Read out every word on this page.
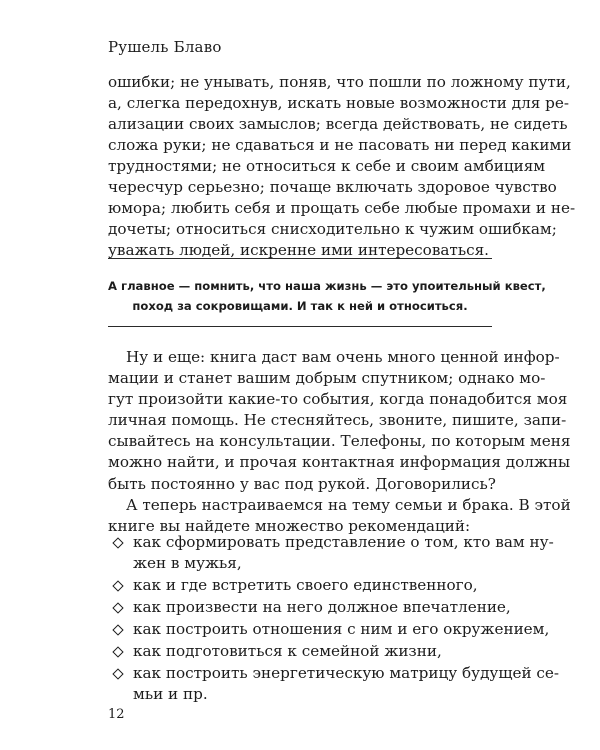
Рушель Блаво

ошибки; не унывать, поняв, что пошли по ложному пути,
а, слегка передохнув, искать новые возможности для ре-
ализации своих замыслов; всегда действовать, не сидеть
сложа руки; не сдаваться и не пасовать ни перед какими
трудностями; не относиться к себе и своим амбициям
чересчур серьезно; почаще включать здоровое чувство
юмора; любить себя и прощать себе любые промахи и не-
дочеты; относиться снисходительно к чужим ошибкам;
уважать людей, искренне ими интересоваться.

А главное — помнить, что наша жизнь — это упоительный квест,
поход за сокровищами. И так к ней и относиться.

Ну и еще: книга даст вам очень много ценной инфор-
мации и станет вашим добрым спутником; однако мо-
гут произойти какие-то события, когда понадобится моя
личная помощь. Не стесняйтесь, звоните, пишите, запи-
сывайтесь на консультации. Телефоны, по которым меня
можно найти, и прочая контактная информация должны
быть постоянно у вас под рукой. Договорились?
А теперь настраиваемся на тему семьи и брака. В этой
книге вы найдете множество рекомендаций:
как сформировать представление о том, кто вам ну-
жен в мужья,
как и где встретить своего единственного,
как произвести на него должное впечатление,
как построить отношения с ним и его окружением,
как подготовиться к семейной жизни,
как построить энергетическую матрицу будущей се-
мьи и пр.
12
